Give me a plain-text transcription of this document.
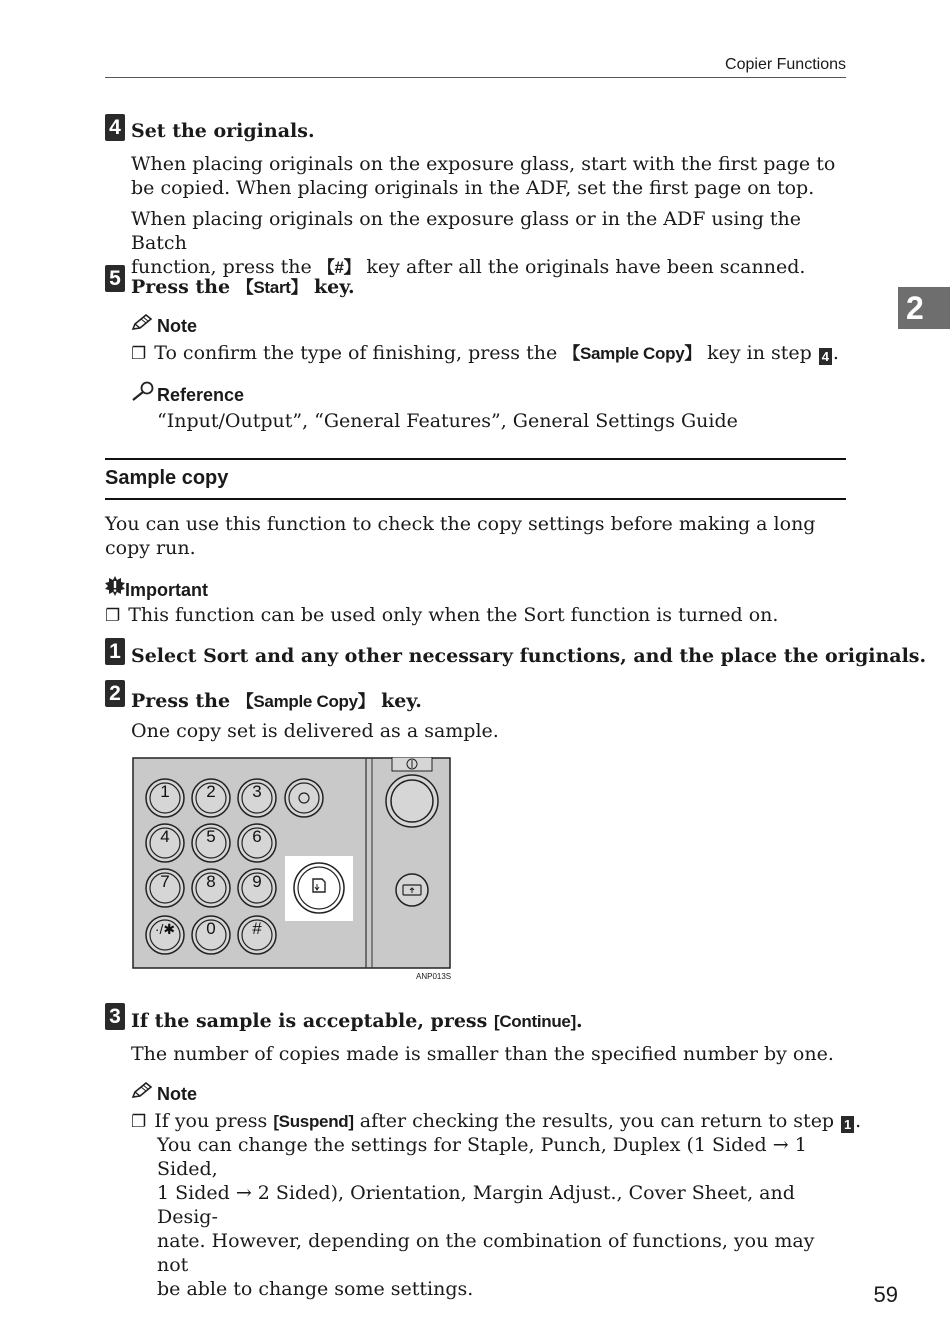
Copier Functions
2
4 Set the originals.
When placing originals on the exposure glass, start with the first page to be copied. When placing originals in the ADF, set the first page on top.
When placing originals on the exposure glass or in the ADF using the Batch
function, press the 【#】 key after all the originals have been scanned.
5 Press the 【Start】 key.
Note
❐ To confirm the type of finishing, press the 【Sample Copy】 key in step 4 .
Reference
“Input/Output”, “General Features”, General Settings Guide
Sample copy
You can use this function to check the copy settings before making a long copy run.
Important
❐ This function can be used only when the Sort function is turned on.
1 Select Sort and any other necessary functions, and the place the originals.
2 Press the 【Sample Copy】 key.
One copy set is delivered as a sample.
1 2 3
4 5 6
7 8 9
·/✱ 0 #
ANP013S
3 If the sample is acceptable, press [Continue].
The number of copies made is smaller than the specified number by one.
Note
❐ If you press [Suspend] after checking the results, you can return to step 1 .
You can change the settings for Staple, Punch, Duplex (1 Sided → 1 Sided,
1 Sided → 2 Sided), Orientation, Margin Adjust., Cover Sheet, and Desig-
nate. However, depending on the combination of functions, you may not
be able to change some settings.	59
